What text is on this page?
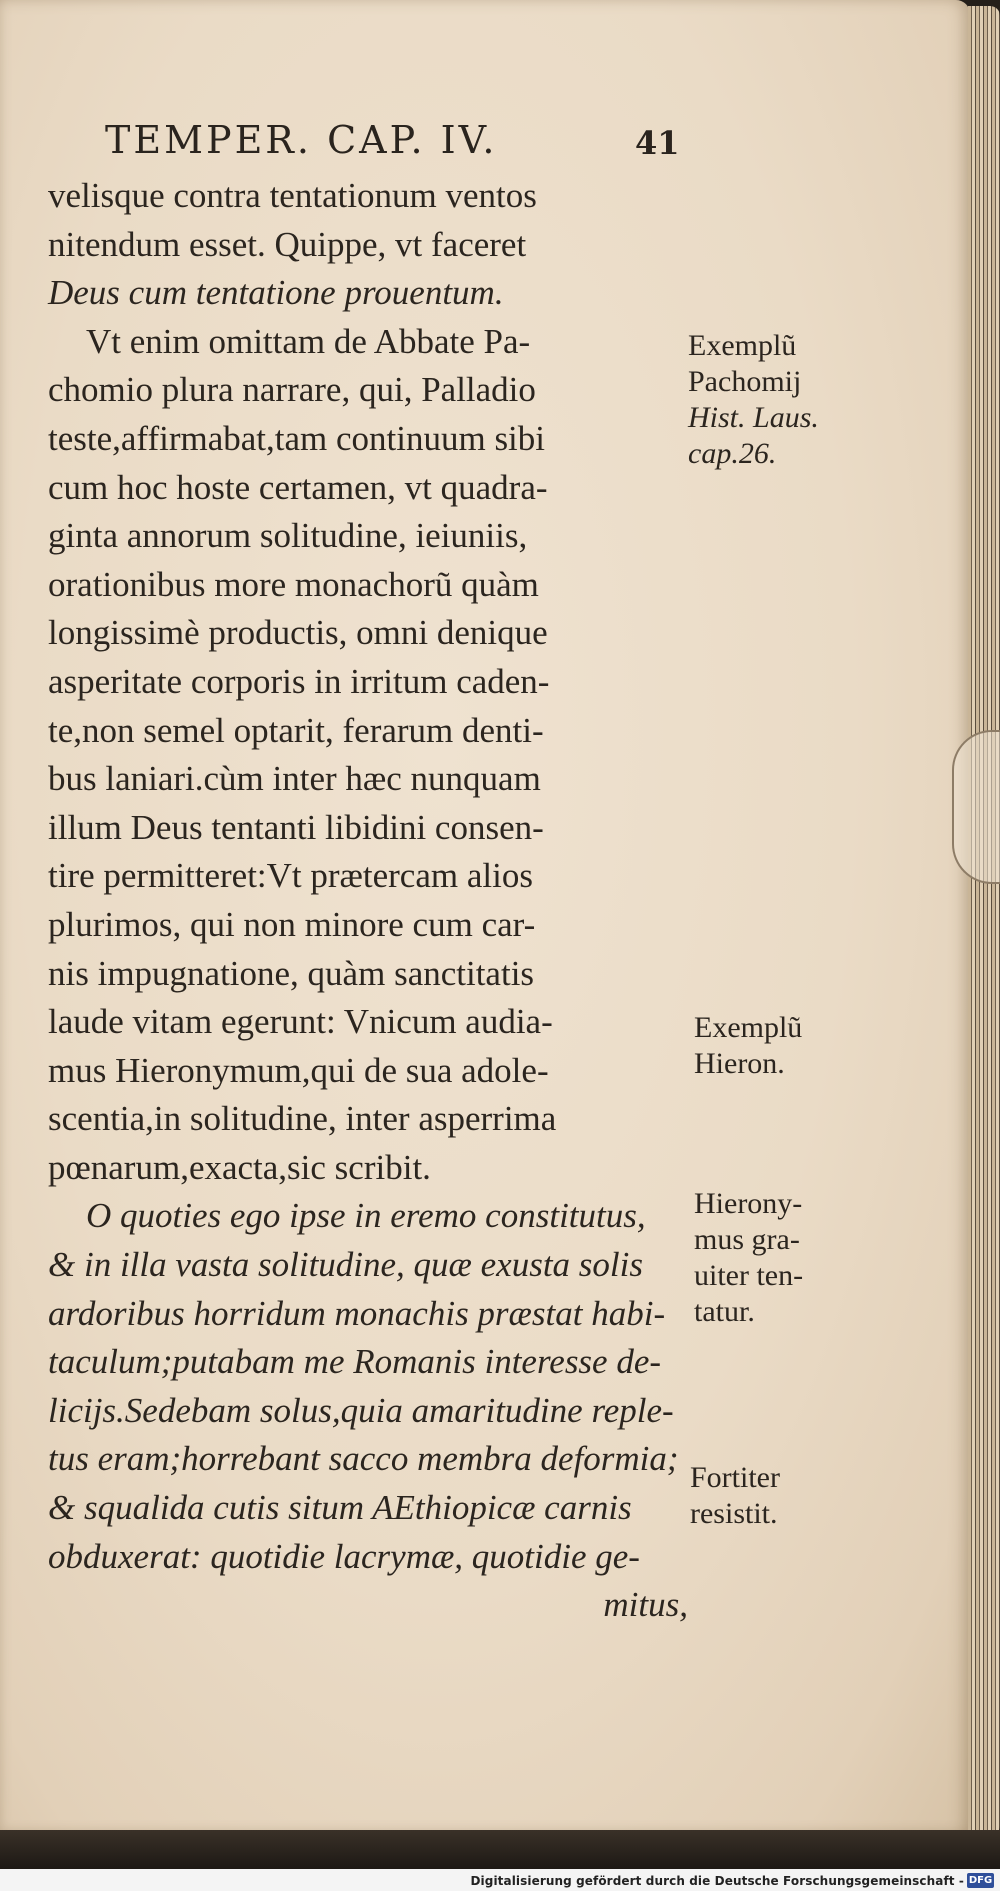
TEMPER. CAP. IV.	41
velisque contra tentationum ventos
nitendum esset. Quippe, vt faceret
Deus cum tentatione prouentum.
Vt enim omittam de Abbate Pa-
chomio plura narrare, qui, Palladio
teste,affirmabat,tam continuum sibi
cum hoc hoste certamen, vt quadra-
ginta annorum solitudine, ieiuniis,
orationibus more monachorũ quàm
longissimè productis, omni denique
asperitate corporis in irritum caden-
te,non semel optarit, ferarum denti-
bus laniari.cùm inter hæc nunquam
illum Deus tentanti libidini consen-
tire permitteret:Vt prætercam alios
plurimos, qui non minore cum car-
nis impugnatione, quàm sanctitatis
laude vitam egerunt: Vnicum audia-
mus Hieronymum,qui de sua adole-
scentia,in solitudine, inter asperrima
pœnarum,exacta,sic scribit.
O quoties ego ipse in eremo constitutus,
& in illa vasta solitudine, quæ exusta solis
ardoribus horridum monachis præstat habi-
taculum;putabam me Romanis interesse de-
licijs.Sedebam solus,quia amaritudine reple-
tus eram;horrebant sacco membra deformia;
& squalida cutis situm AEthiopicæ carnis
obduxerat: quotidie lacrymæ, quotidie ge-
mitus,
Exemplũ
Pachomij
Hist. Laus.
cap.26.
Exemplũ
Hieron.
Hierony-
mus gra-
uiter ten-
tatur.
Fortiter
resistit.
Digitalisierung gefördert durch die Deutsche Forschungsgemeinschaft - DFG
